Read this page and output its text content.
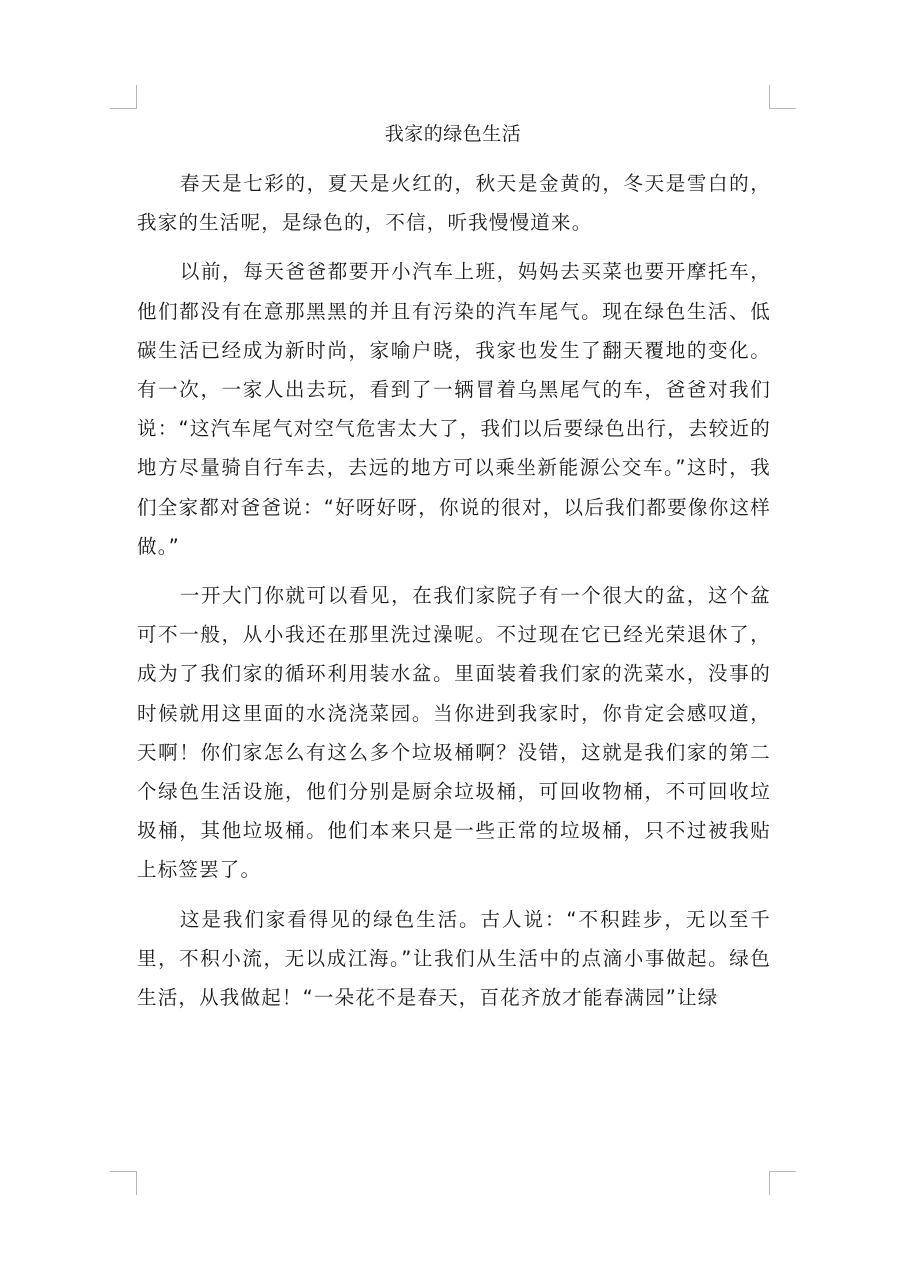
我家的绿色生活

春天是七彩的，夏天是火红的，秋天是金黄的，冬天是雪白的，我家的生活呢，是绿色的，不信，听我慢慢道来。

以前，每天爸爸都要开小汽车上班，妈妈去买菜也要开摩托车，他们都没有在意那黑黑的并且有污染的汽车尾气。现在绿色生活、低碳生活已经成为新时尚，家喻户晓，我家也发生了翻天覆地的变化。有一次，一家人出去玩，看到了一辆冒着乌黑尾气的车，爸爸对我们说：“这汽车尾气对空气危害太大了，我们以后要绿色出行，去较近的地方尽量骑自行车去，去远的地方可以乘坐新能源公交车。”这时，我们全家都对爸爸说：“好呀好呀，你说的很对，以后我们都要像你这样做。”

一开大门你就可以看见，在我们家院子有一个很大的盆，这个盆可不一般，从小我还在那里洗过澡呢。不过现在它已经光荣退休了，成为了我们家的循环利用装水盆。里面装着我们家的洗菜水，没事的时候就用这里面的水浇浇菜园。当你进到我家时，你肯定会感叹道，天啊！你们家怎么有这么多个垃圾桶啊？没错，这就是我们家的第二个绿色生活设施，他们分别是厨余垃圾桶，可回收物桶，不可回收垃圾桶，其他垃圾桶。他们本来只是一些正常的垃圾桶，只不过被我贴上标签罢了。

这是我们家看得见的绿色生活。古人说：“不积跬步，无以至千里，不积小流，无以成江海。”让我们从生活中的点滴小事做起。绿色生活，从我做起！“一朵花不是春天，百花齐放才能春满园”让绿
